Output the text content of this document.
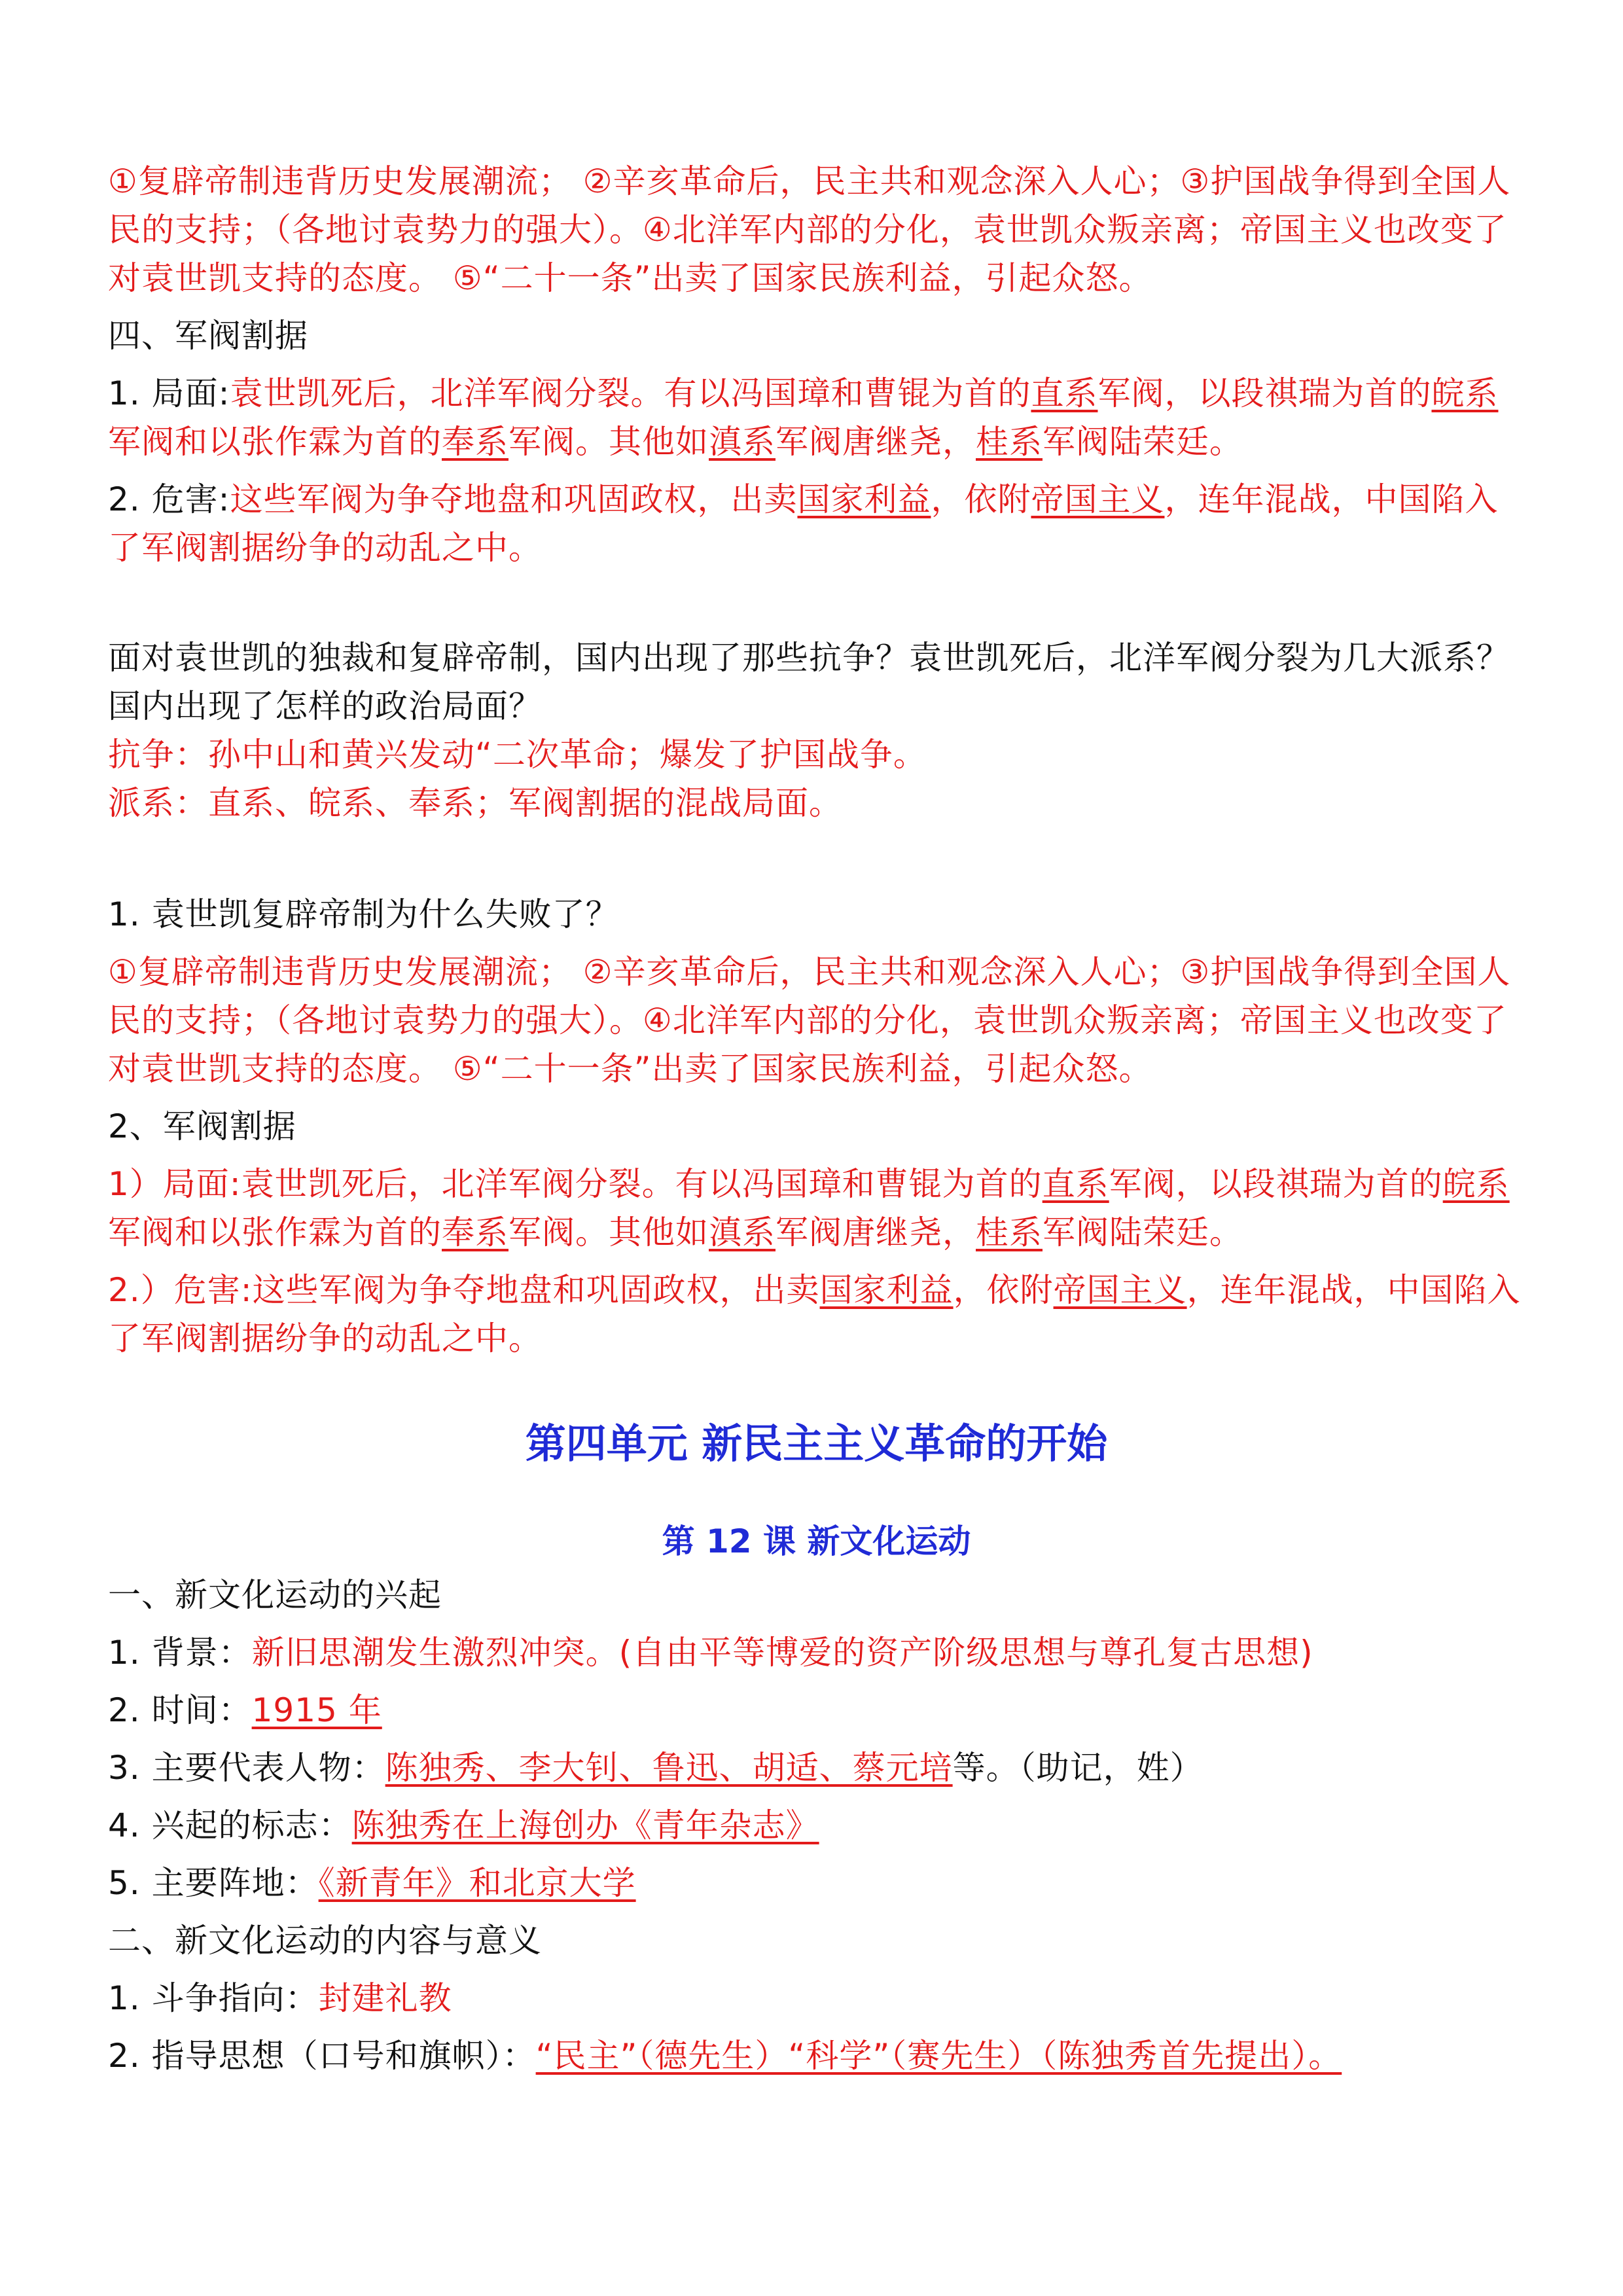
①复辟帝制违背历史发展潮流； ②辛亥革命后，民主共和观念深入人心；③护国战争得到全国人民的支持；（各地讨袁势力的强大）。④北洋军内部的分化，袁世凯众叛亲离；帝国主义也改变了对袁世凯支持的态度。 ⑤“二十一条”出卖了国家民族利益，引起众怒。

四、军阀割据

1. 局面:袁世凯死后，北洋军阀分裂。有以冯国璋和曹锟为首的直系军阀，以段祺瑞为首的皖系军阀和以张作霖为首的奉系军阀。其他如滇系军阀唐继尧，桂系军阀陆荣廷。

2. 危害:这些军阀为争夺地盘和巩固政权，出卖国家利益，依附帝国主义，连年混战，中国陷入了军阀割据纷争的动乱之中。

面对袁世凯的独裁和复辟帝制，国内出现了那些抗争？袁世凯死后，北洋军阀分裂为几大派系？国内出现了怎样的政治局面？

抗争：孙中山和黄兴发动“二次革命；爆发了护国战争。

派系：直系、皖系、奉系；军阀割据的混战局面。

1. 袁世凯复辟帝制为什么失败了？

①复辟帝制违背历史发展潮流； ②辛亥革命后，民主共和观念深入人心；③护国战争得到全国人民的支持；（各地讨袁势力的强大）。④北洋军内部的分化，袁世凯众叛亲离；帝国主义也改变了对袁世凯支持的态度。 ⑤“二十一条”出卖了国家民族利益，引起众怒。

2、军阀割据

1）局面:袁世凯死后，北洋军阀分裂。有以冯国璋和曹锟为首的直系军阀，以段祺瑞为首的皖系军阀和以张作霖为首的奉系军阀。其他如滇系军阀唐继尧，桂系军阀陆荣廷。

2.）危害:这些军阀为争夺地盘和巩固政权，出卖国家利益，依附帝国主义，连年混战，中国陷入了军阀割据纷争的动乱之中。

第四单元 新民主主义革命的开始
第 12 课 新文化运动

一、新文化运动的兴起

1. 背景：新旧思潮发生激烈冲突。(自由平等博爱的资产阶级思想与尊孔复古思想)

2. 时间：1915 年

3. 主要代表人物：陈独秀、李大钊、鲁迅、胡适、蔡元培等。（助记，姓）

4. 兴起的标志：陈独秀在上海创办《青年杂志》

5. 主要阵地：《新青年》和北京大学

二、新文化运动的内容与意义

1. 斗争指向：封建礼教

2. 指导思想（口号和旗帜）：“民主”（德先生）“科学”（赛先生）（陈独秀首先提出）。
